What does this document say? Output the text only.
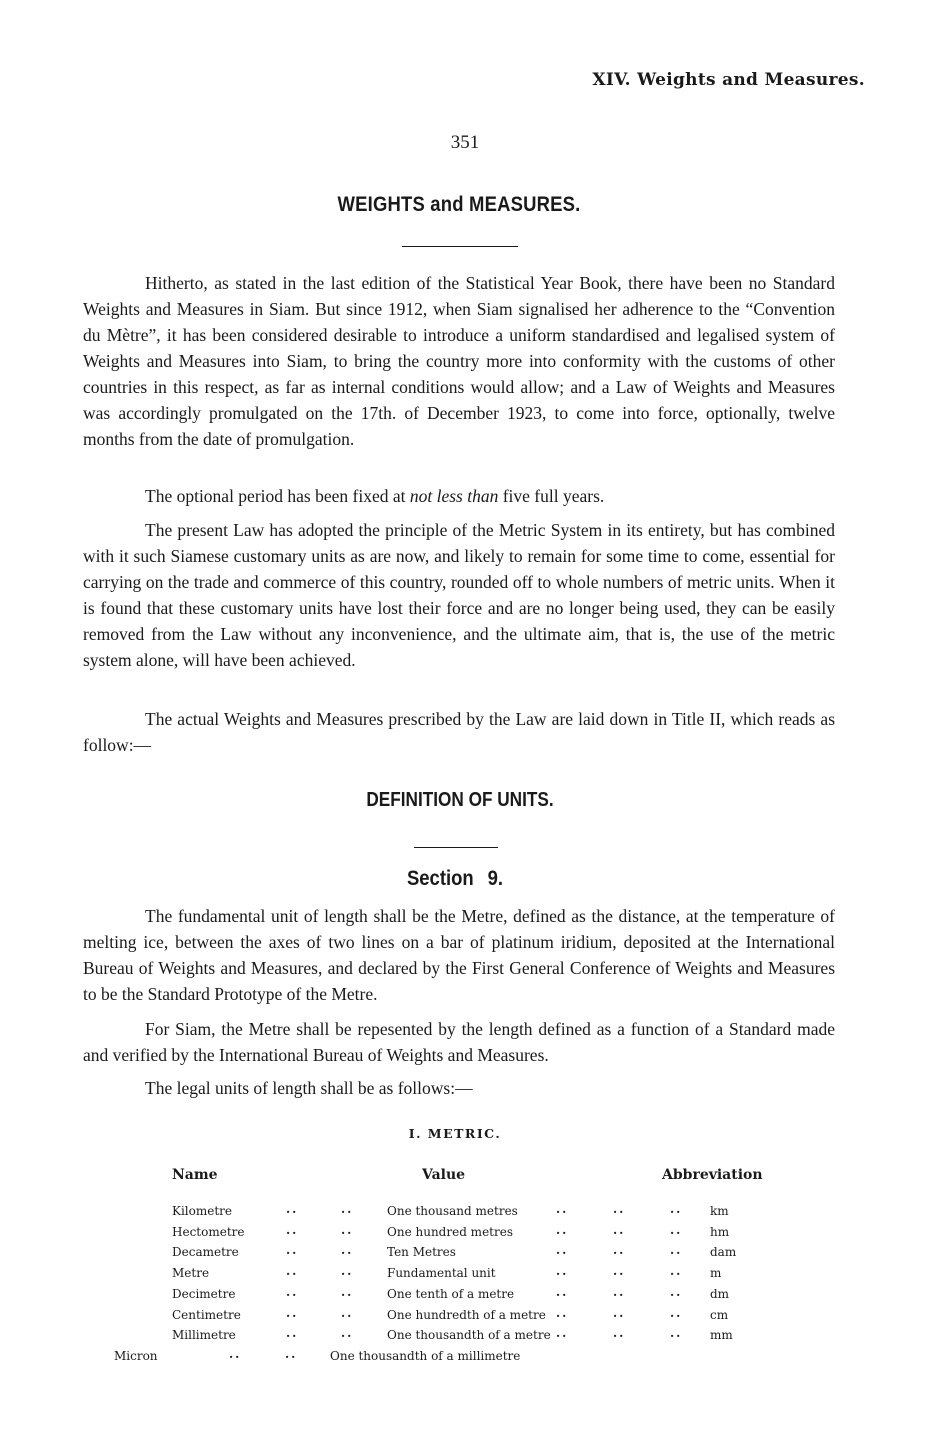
XIV. Weights and Measures.
351
WEIGHTS and MEASURES.

Hitherto, as stated in the last edition of the Statistical Year Book, there have been no Standard Weights and Measures in Siam. But since 1912, when Siam signalised her adherence to the “Convention du Mètre”, it has been considered desirable to introduce a uniform standardised and legalised system of Weights and Measures into Siam, to bring the country more into conformity with the customs of other countries in this respect, as far as internal conditions would allow; and a Law of Weights and Measures was accordingly promulgated on the 17th. of December 1923, to come into force, optionally, twelve months from the date of promulgation.

The optional period has been fixed at not less than five full years.

The present Law has adopted the principle of the Metric System in its entirety, but has combined with it such Siamese customary units as are now, and likely to remain for some time to come, essential for carrying on the trade and commerce of this country, rounded off to whole numbers of metric units. When it is found that these customary units have lost their force and are no longer being used, they can be easily removed from the Law without any inconvenience, and the ultimate aim, that is, the use of the metric system alone, will have been achieved.

The actual Weights and Measures prescribed by the Law are laid down in Title II, which reads as follow:—

DEFINITION OF UNITS.
Section 9.

The fundamental unit of length shall be the Metre, defined as the distance, at the temperature of melting ice, between the axes of two lines on a bar of platinum iridium, deposited at the International Bureau of Weights and Measures, and declared by the First General Conference of Weights and Measures to be the Standard Prototype of the Metre.

For Siam, the Metre shall be repesented by the length defined as a function of a Standard made and verified by the International Bureau of Weights and Measures.

The legal units of length shall be as follows:—

I. METRIC.
Name	Value	Abbreviation
Kilometre	One thousand metres	km
..	..	..	..	..
Hectometre	One hundred metres	hm
..	..	..	..	..
Decametre	Ten Metres	dam
..	..	..	..	..
Metre	Fundamental unit	m
..	..	..	..	..
Decimetre	One tenth of a metre	dm
..	..	..	..	..
Centimetre	One hundredth of a metre	cm
..	..	..	..	..
Millimetre	One thousandth of a metre	mm
..	..	..	..	..
Micron	One thousandth of a millimetre
..	..
